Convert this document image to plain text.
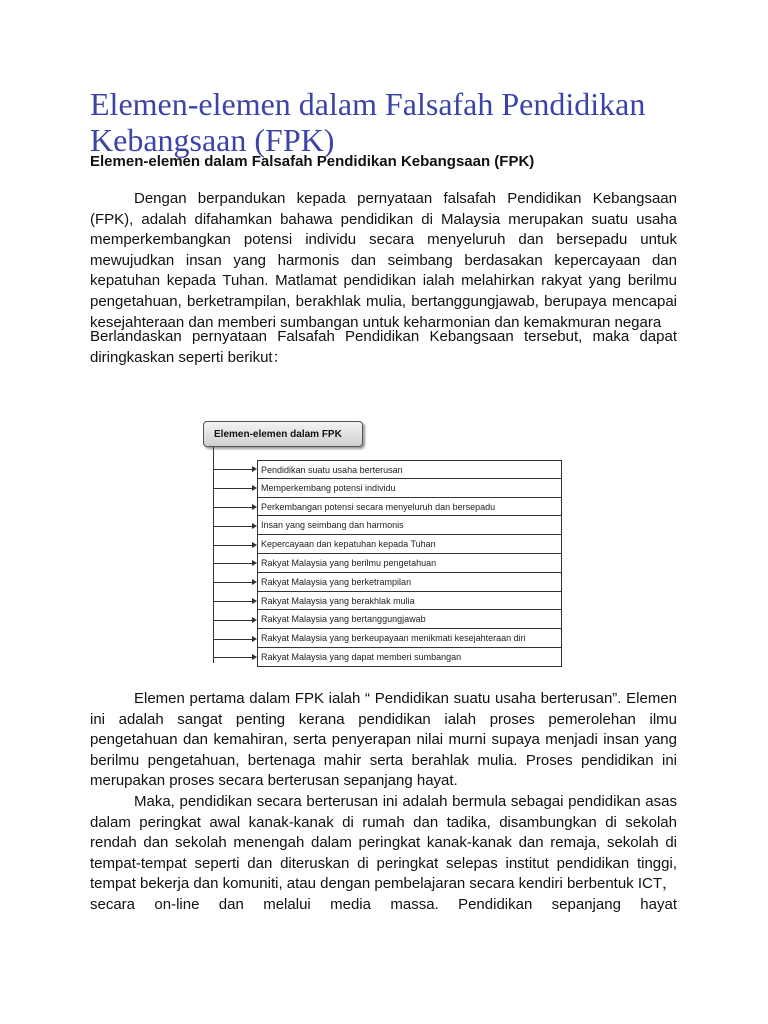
Elemen-elemen dalam Falsafah Pendidikan Kebangsaan (FPK)
Elemen-elemen dalam Falsafah Pendidikan Kebangsaan (FPK)

Dengan berpandukan kepada pernyataan falsafah Pendidikan Kebangsaan (FPK), adalah difahamkan bahawa pendidikan di Malaysia merupakan suatu usaha memperkembangkan potensi individu secara menyeluruh dan bersepadu untuk mewujudkan insan yang harmonis dan seimbang berdasakan kepercayaan dan kepatuhan kepada Tuhan. Matlamat pendidikan ialah melahirkan rakyat yang berilmu pengetahuan, berketrampilan, berakhlak mulia, bertanggungjawab, berupaya mencapai kesejahteraan dan memberi sumbangan untuk keharmonian dan kemakmuran negara

Berlandaskan pernyataan Falsafah Pendidikan Kebangsaan tersebut, maka dapat diringkaskan seperti berikut：

Elemen-elemen dalam FPK
Pendidikan suatu usaha berterusan
Memperkembang potensi individu
Perkembangan potensi secara menyeluruh dan bersepadu
Insan yang seimbang dan harmonis
Kepercayaan dan kepatuhan kepada Tuhan
Rakyat Malaysia yang berilmu pengetahuan
Rakyat Malaysia yang berketrampilan
Rakyat Malaysia yang berakhlak mulia
Rakyat Malaysia yang bertanggungjawab
Rakyat Malaysia yang berkeupayaan menikmati kesejahteraan diri
Rakyat Malaysia yang dapat memberi sumbangan

Elemen pertama dalam FPK ialah “ Pendidikan suatu usaha berterusan”. Elemen ini adalah sangat penting kerana pendidikan ialah proses pemerolehan ilmu pengetahuan dan kemahiran, serta penyerapan nilai murni supaya menjadi insan yang berilmu pengetahuan, bertenaga mahir serta berahlak mulia. Proses pendidikan ini merupakan proses secara berterusan sepanjang hayat.

Maka, pendidikan secara berterusan ini adalah bermula sebagai pendidikan asas dalam peringkat awal kanak-kanak di rumah dan tadika, disambungkan di sekolah rendah dan sekolah menengah dalam peringkat kanak-kanak dan remaja, sekolah di tempat-tempat seperti dan diteruskan di peringkat selepas institut pendidikan tinggi, tempat bekerja dan komuniti, atau dengan pembelajaran secara kendiri berbentuk ICT，secara on-line dan melalui media massa. Pendidikan sepanjang hayat
